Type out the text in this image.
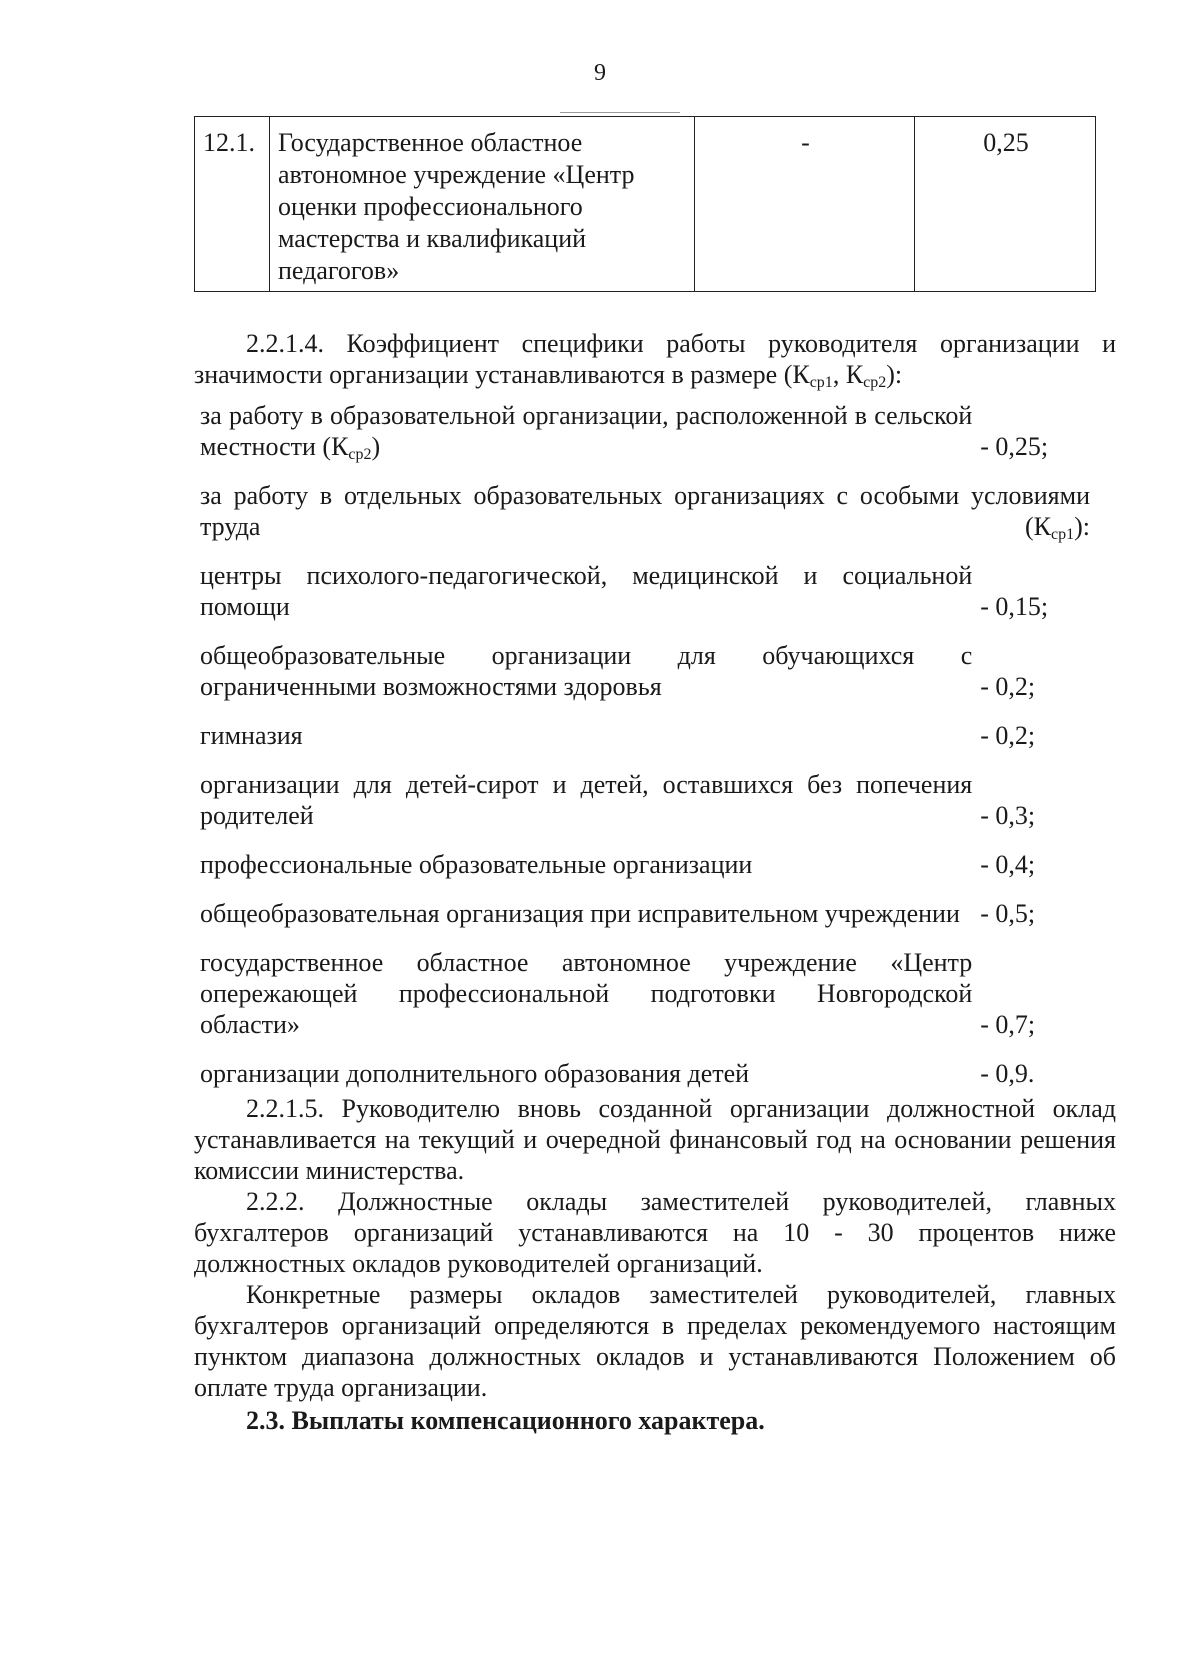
9
12.1.	Государственное областное автономное учреждение «Центр оценки профессионального мастерства и квалификаций педагогов»	-	0,25

2.2.1.4. Коэффициент специфики работы руководителя организации и значимости организации устанавливаются в размере ($К_{ср1}$, $К_{ср2}$):

за работу в образовательной организации, расположенной в сельской местности $(К_{ср2})$	- 0,25;
за работу в отдельных образовательных организациях с особыми условиями труда $(К_{ср1})$:
центры психолого-педагогической, медицинской и социальной помощи	- 0,15;
общеобразовательные организации для обучающихся с ограниченными возможностями здоровья	- 0,2;
гимназия	- 0,2;
организации для детей-сирот и детей, оставшихся без попечения родителей	- 0,3;
профессиональные образовательные организации	- 0,4;
общеобразовательная организация при исправительном учреждении - 0,5;
государственное областное автономное учреждение «Центр опережающей профессиональной подготовки Новгородской области»	- 0,7;
организации дополнительного образования детей	- 0,9.

2.2.1.5. Руководителю вновь созданной организации должностной оклад устанавливается на текущий и очередной финансовый год на основании решения комиссии министерства.

2.2.2. Должностные оклады заместителей руководителей, главных бухгалтеров организаций устанавливаются на 10 - 30 процентов ниже должностных окладов руководителей организаций.

Конкретные размеры окладов заместителей руководителей, главных бухгалтеров организаций определяются в пределах рекомендуемого настоящим пунктом диапазона должностных окладов и устанавливаются Положением об оплате труда организации.

2.3. Выплаты компенсационного характера.
